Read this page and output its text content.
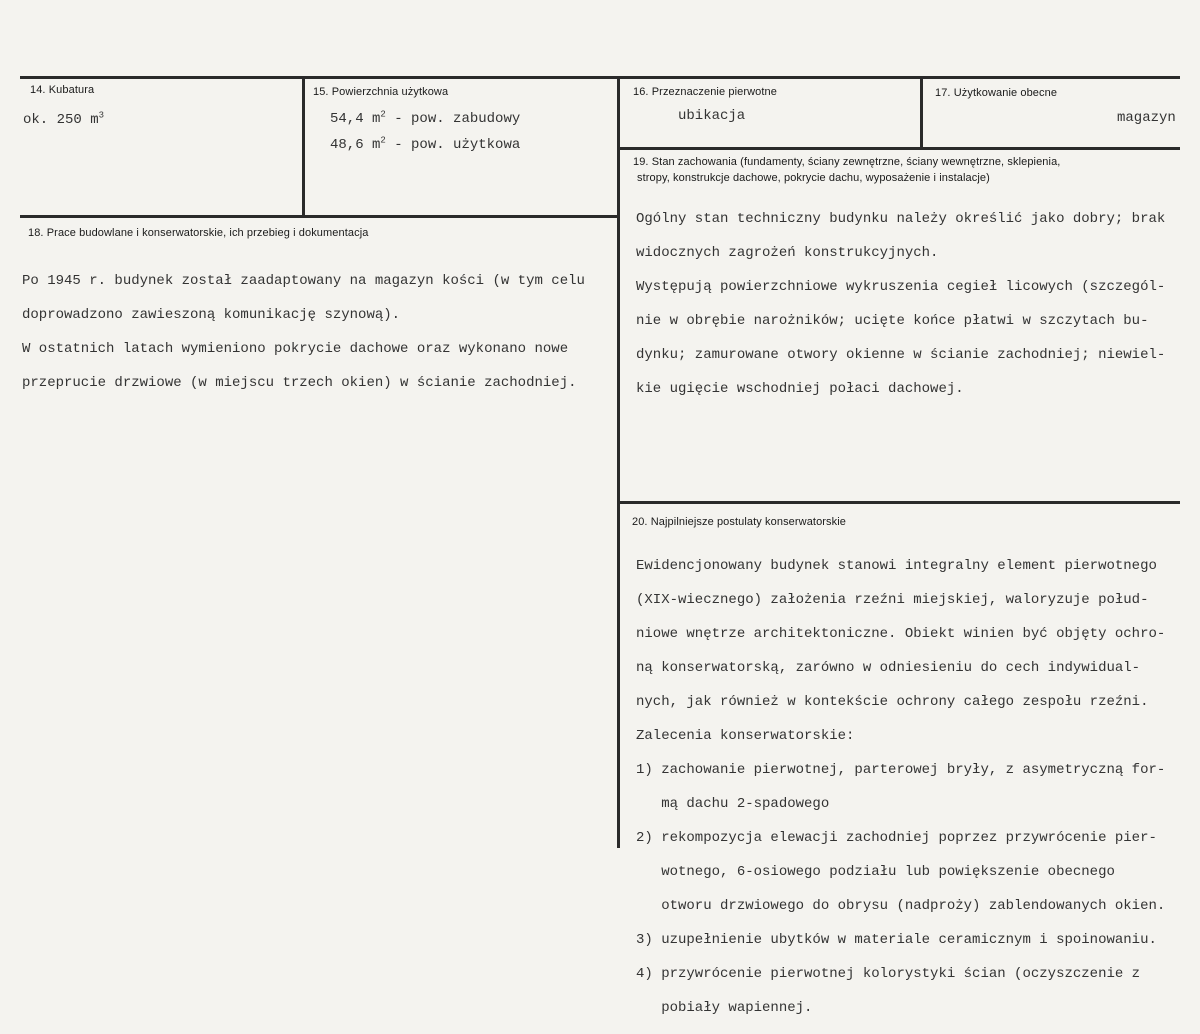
14. Kubatura
ok. 250 $m^3$
15. Powierzchnia użytkowa
54,4 $m^2$ - pow. zabudowy
48,6 $m^2$ - pow. użytkowa
16. Przeznaczenie pierwotne
ubikacja
17. Użytkowanie obecne
magazyn
19. Stan zachowania (fundamenty, ściany zewnętrzne, ściany wewnętrzne, sklepienia,
stropy, konstrukcje dachowe, pokrycie dachu, wyposażenie i instalacje)

Ogólny stan techniczny budynku należy określić jako dobry; brak

widocznych zagrożeń konstrukcyjnych.

Występują powierzchniowe wykruszenia cegieł licowych (szczegól-

nie w obrębie narożników; ucięte końce płatwi w szczytach bu-

dynku; zamurowane otwory okienne w ścianie zachodniej; niewiel-

kie ugięcie wschodniej połaci dachowej.

18. Prace budowlane i konserwatorskie, ich przebieg i dokumentacja

Po 1945 r. budynek został zaadaptowany na magazyn kości (w tym celu

doprowadzono zawieszoną komunikację szynową).

W ostatnich latach wymieniono pokrycie dachowe oraz wykonano nowe

przeprucie drzwiowe (w miejscu trzech okien) w ścianie zachodniej.

20. Najpilniejsze postulaty konserwatorskie

Ewidencjonowany budynek stanowi integralny element pierwotnego

(XIX-wiecznego) założenia rzeźni miejskiej, waloryzuje połud-

niowe wnętrze architektoniczne. Obiekt winien być objęty ochro-

ną konserwatorską, zarówno w odniesieniu do cech indywidual-

nych, jak również w kontekście ochrony całego zespołu rzeźni.

Zalecenia konserwatorskie:

1) zachowanie pierwotnej, parterowej bryły, z asymetryczną for-

mą dachu 2-spadowego

2) rekompozycja elewacji zachodniej poprzez przywrócenie pier-

wotnego, 6-osiowego podziału lub powiększenie obecnego

otworu drzwiowego do obrysu (nadproży) zablendowanych okien.

3) uzupełnienie ubytków w materiale ceramicznym i spoinowaniu.

4) przywrócenie pierwotnej kolorystyki ścian (oczyszczenie z

pobiały wapiennej.
